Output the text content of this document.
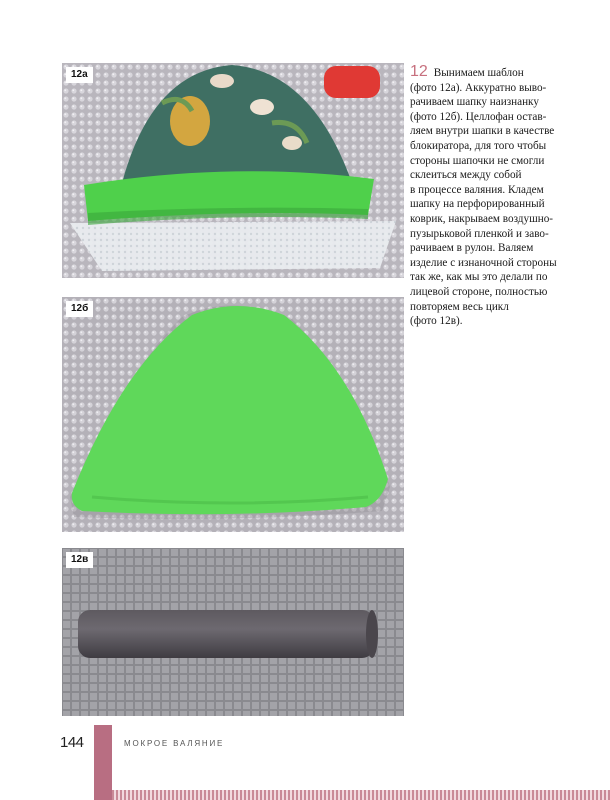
12а
12б
12в
12 Вынимаем шаблон
(фото 12а). Аккуратно выво-
рачиваем шапку наизнанку
(фото 12б). Целлофан остав-
ляем внутри шапки в качестве
блокиратора, для того чтобы
стороны шапочки не смогли
склеиться между собой
в процессе валяния. Кладем
шапку на перфорированный
коврик, накрываем воздушно-
пузырьковой пленкой и заво-
рачиваем в рулон. Валяем
изделие с изнаночной стороны
так же, как мы это делали по
лицевой стороне, полностью
повторяем весь цикл
(фото 12в).
144	МОКРОЕ ВАЛЯНИЕ
